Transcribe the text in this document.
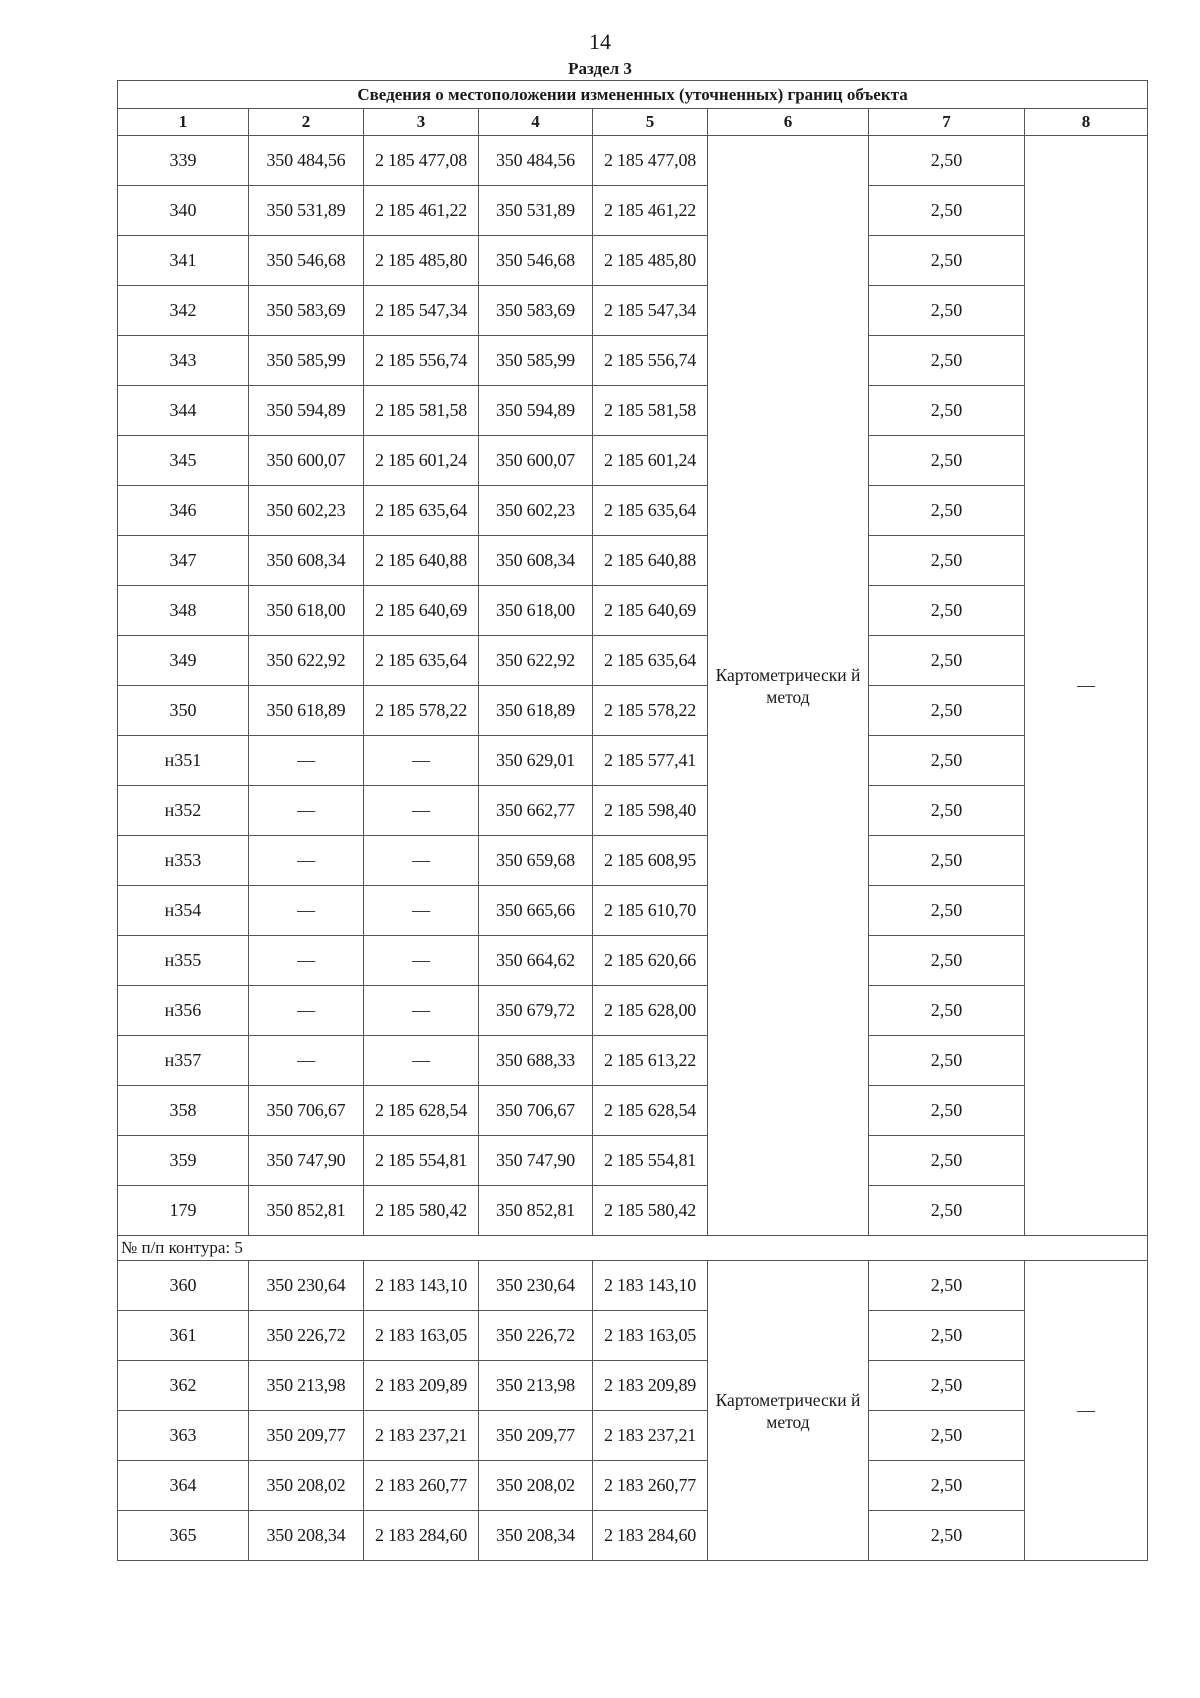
14
Раздел 3
Сведения о местоположении измененных (уточненных) границ объекта							
1	2	3	4	5	6	7	8
339	350 484,56	2 185 477,08	350 484,56	2 185 477,08	Картометрически й метод	2,50	—
340	350 531,89	2 185 461,22	350 531,89	2 185 461,22		2,50	
341	350 546,68	2 185 485,80	350 546,68	2 185 485,80		2,50	
342	350 583,69	2 185 547,34	350 583,69	2 185 547,34		2,50	
343	350 585,99	2 185 556,74	350 585,99	2 185 556,74		2,50	
344	350 594,89	2 185 581,58	350 594,89	2 185 581,58		2,50	
345	350 600,07	2 185 601,24	350 600,07	2 185 601,24		2,50	
346	350 602,23	2 185 635,64	350 602,23	2 185 635,64		2,50	
347	350 608,34	2 185 640,88	350 608,34	2 185 640,88		2,50	
348	350 618,00	2 185 640,69	350 618,00	2 185 640,69		2,50	
349	350 622,92	2 185 635,64	350 622,92	2 185 635,64		2,50	
350	350 618,89	2 185 578,22	350 618,89	2 185 578,22		2,50	
н351	—	—	350 629,01	2 185 577,41		2,50	
н352	—	—	350 662,77	2 185 598,40		2,50	
н353	—	—	350 659,68	2 185 608,95		2,50	
н354	—	—	350 665,66	2 185 610,70		2,50	
н355	—	—	350 664,62	2 185 620,66		2,50	
н356	—	—	350 679,72	2 185 628,00		2,50	
н357	—	—	350 688,33	2 185 613,22		2,50	
358	350 706,67	2 185 628,54	350 706,67	2 185 628,54		2,50	
359	350 747,90	2 185 554,81	350 747,90	2 185 554,81		2,50	
179	350 852,81	2 185 580,42	350 852,81	2 185 580,42		2,50	
№ п/п контура: 5							
360	350 230,64	2 183 143,10	350 230,64	2 183 143,10	Картометрически й метод	2,50	—
361	350 226,72	2 183 163,05	350 226,72	2 183 163,05		2,50	
362	350 213,98	2 183 209,89	350 213,98	2 183 209,89		2,50	
363	350 209,77	2 183 237,21	350 209,77	2 183 237,21		2,50	
364	350 208,02	2 183 260,77	350 208,02	2 183 260,77		2,50	
365	350 208,34	2 183 284,60	350 208,34	2 183 284,60		2,50	
